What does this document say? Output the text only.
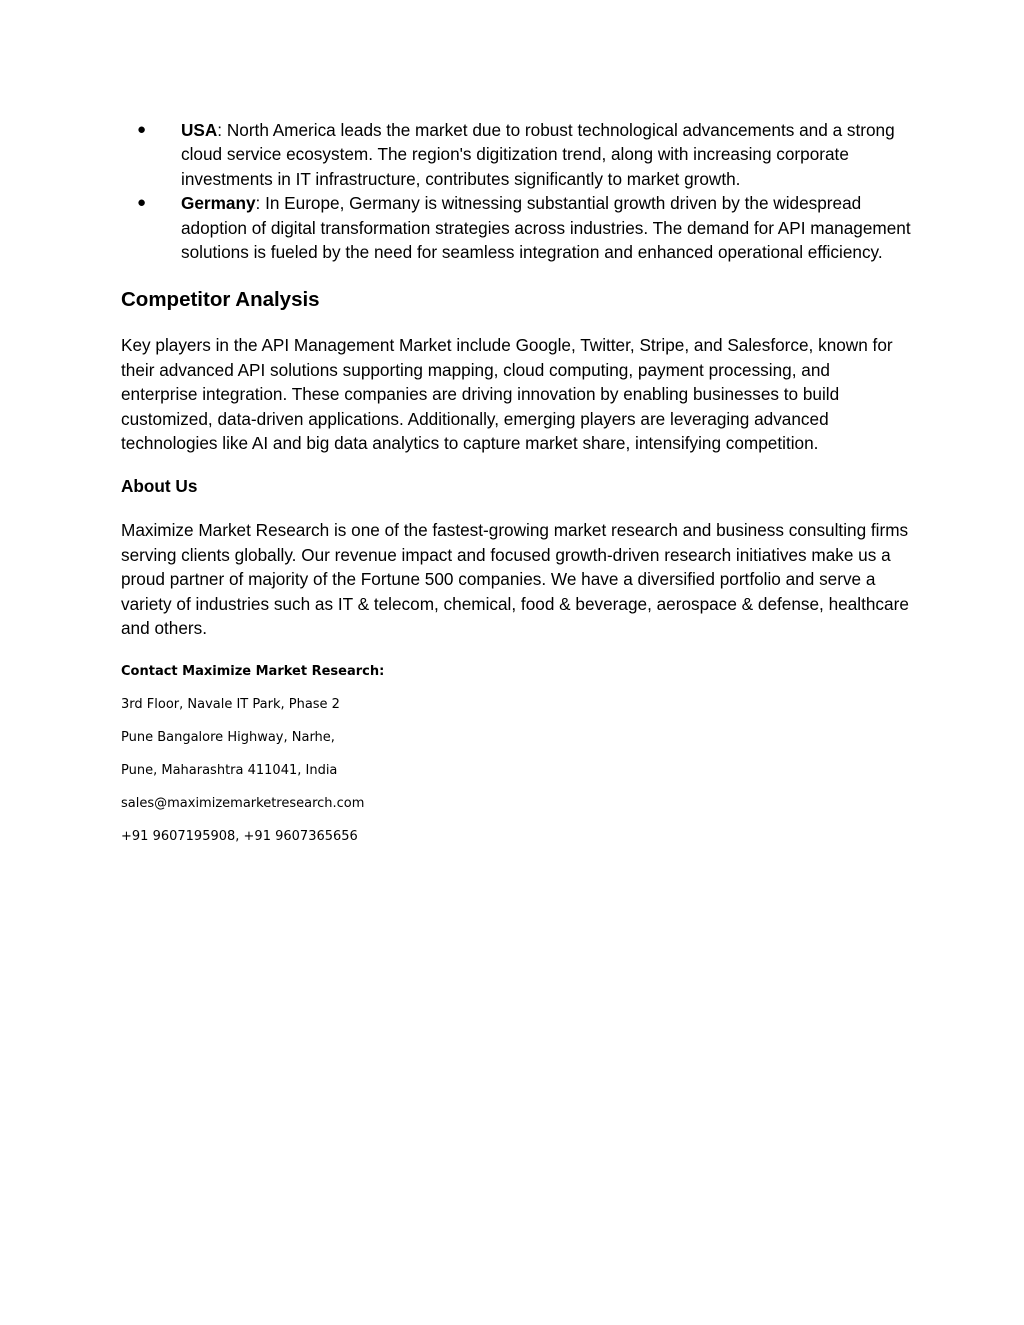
● USA: North America leads the market due to robust technological advancements and a strong cloud service ecosystem. The region's digitization trend, along with increasing corporate investments in IT infrastructure, contributes significantly to market growth.
● Germany: In Europe, Germany is witnessing substantial growth driven by the widespread adoption of digital transformation strategies across industries. The demand for API management solutions is fueled by the need for seamless integration and enhanced operational efficiency.
Competitor Analysis

Key players in the API Management Market include Google, Twitter, Stripe, and Salesforce, known for their advanced API solutions supporting mapping, cloud computing, payment processing, and enterprise integration. These companies are driving innovation by enabling businesses to build customized, data-driven applications. Additionally, emerging players are leveraging advanced technologies like AI and big data analytics to capture market share, intensifying competition.

About Us

Maximize Market Research is one of the fastest-growing market research and business consulting firms serving clients globally. Our revenue impact and focused growth-driven research initiatives make us a proud partner of majority of the Fortune 500 companies. We have a diversified portfolio and serve a variety of industries such as IT & telecom, chemical, food & beverage, aerospace & defense, healthcare and others.

Contact Maximize Market Research:
3rd Floor, Navale IT Park, Phase 2
Pune Bangalore Highway, Narhe,
Pune, Maharashtra 411041, India
sales@maximizemarketresearch.com
+91 9607195908, +91 9607365656
